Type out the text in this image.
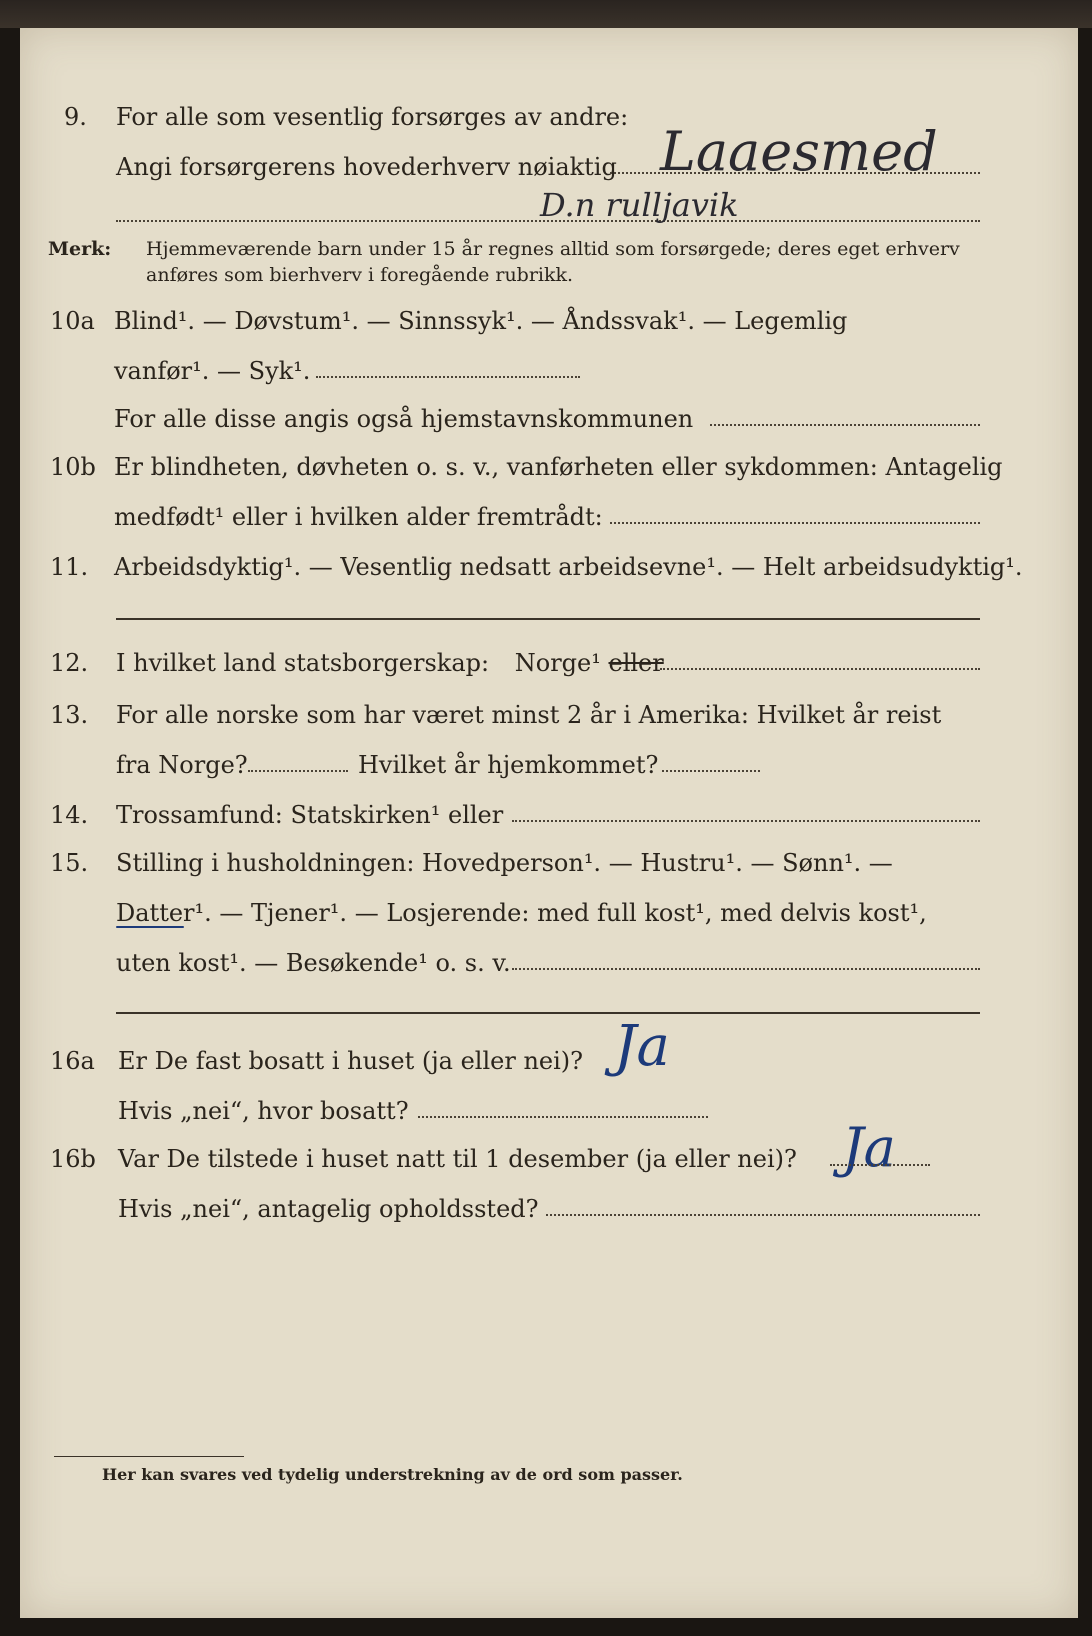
9. For alle som vesentlig forsørges av andre:
Angi forsørgerens hovederhverv nøiaktig Laaesmed
D.n rulljavik
Merk: Hjemmeværende barn under 15 år regnes alltid som forsørgede; deres eget erhverv
anføres som bierhverv i foregående rubrikk.
10a Blind¹. — Døvstum¹. — Sinnssyk¹. — Åndssvak¹. — Legemlig
vanfør¹. — Syk¹.
For alle disse angis også hjemstavnskommunen
10b Er blindheten, døvheten o. s. v., vanførheten eller sykdommen: Antagelig
medfødt¹ eller i hvilken alder fremtrådt:
11. Arbeidsdyktig¹. — Vesentlig nedsatt arbeidsevne¹. — Helt arbeidsudyktig¹.
12. I hvilket land statsborgerskap: Norge¹ eller
13. For alle norske som har været minst 2 år i Amerika: Hvilket år reist
fra Norge?	Hvilket år hjemkommet?
14. Trossamfund: Statskirken¹ eller
15. Stilling i husholdningen: Hovedperson¹. — Hustru¹. — Sønn¹. —
Datter¹. — Tjener¹. — Losjerende: med full kost¹, med delvis kost¹,
uten kost¹. — Besøkende¹ o. s. v.
16a Er De fast bosatt i huset (ja eller nei)? Ja
Hvis „nei“, hvor bosatt?
16b Var De tilstede i huset natt til 1 desember (ja eller nei)? Ja
Hvis „nei“, antagelig opholdssted?
Her kan svares ved tydelig understrekning av de ord som passer.
